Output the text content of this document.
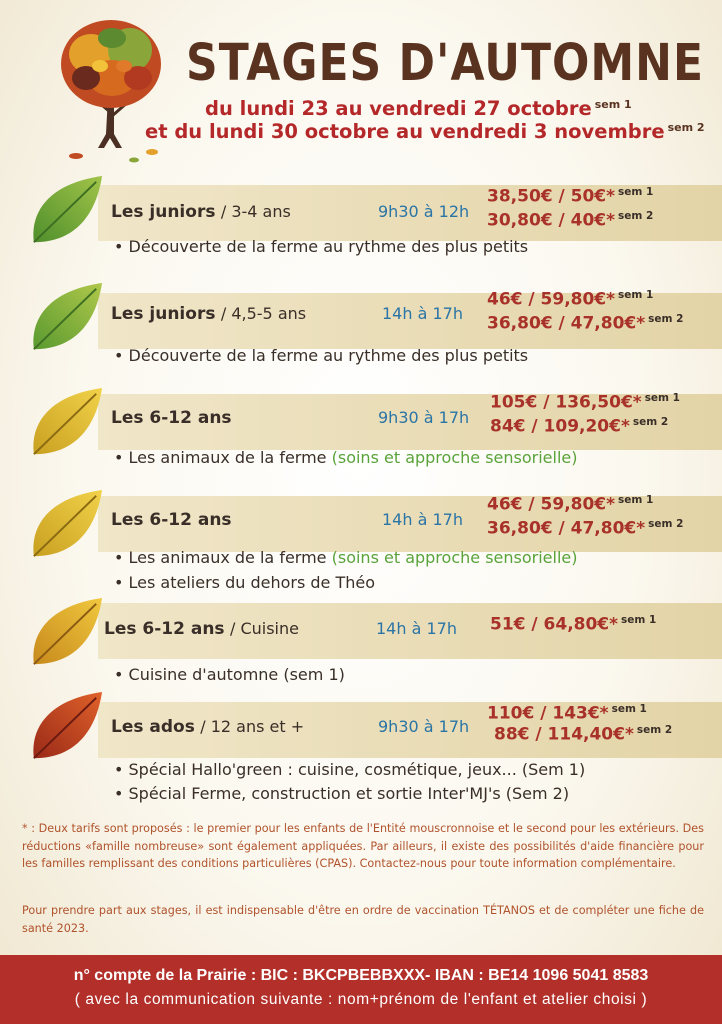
STAGES D'AUTOMNE
du lundi 23 au vendredi 27 octobre $^{sem 1}$
et du lundi 30 octobre au vendredi 3 novembre $^{sem 2}$
Les juniors / 3-4 ans	9h30 à 12h
38,50€ / 50€* $^{sem 1}$
30,80€ / 40€* $^{sem 2}$
• Découverte de la ferme au rythme des plus petits
Les juniors / 4,5-5 ans	14h à 17h
46€ / 59,80€* $^{sem 1}$
36,80€ / 47,80€* $^{sem 2}$
• Découverte de la ferme au rythme des plus petits
Les 6-12 ans	9h30 à 17h
105€ / 136,50€* $^{sem 1}$
84€ / 109,20€* $^{sem 2}$
• Les animaux de la ferme (soins et approche sensorielle)
Les 6-12 ans	14h à 17h
46€ / 59,80€* $^{sem 1}$
36,80€ / 47,80€* $^{sem 2}$
• Les animaux de la ferme (soins et approche sensorielle)
• Les ateliers du dehors de Théo
Les 6-12 ans / Cuisine	14h à 17h 51€ / 64,80€* $^{sem 1}$
• Cuisine d'automne (sem 1)
Les ados / 12 ans et +	9h30 à 17h
110€ / 143€* $^{sem 1}$
88€ / 114,40€* $^{sem 2}$
• Spécial Hallo'green : cuisine, cosmétique, jeux... (Sem 1)
• Spécial Ferme, construction et sortie Inter'MJ's (Sem 2)

* : Deux tarifs sont proposés : le premier pour les enfants de l'Entité mouscronnoise et le second pour les extérieurs. Des réductions «famille nombreuse» sont également appliquées. Par ailleurs, il existe des possibilités d'aide financière pour les familles remplissant des conditions particulières (CPAS). Contactez-nous pour toute information complémentaire.

Pour prendre part aux stages, il est indispensable d'être en ordre de vaccination TÉTANOS et de compléter une fiche de santé 2023.

n° compte de la Prairie : BIC : BKCPBEBBXXX- IBAN : BE14 1096 5041 8583
( avec la communication suivante : nom+prénom de l'enfant et atelier choisi )
